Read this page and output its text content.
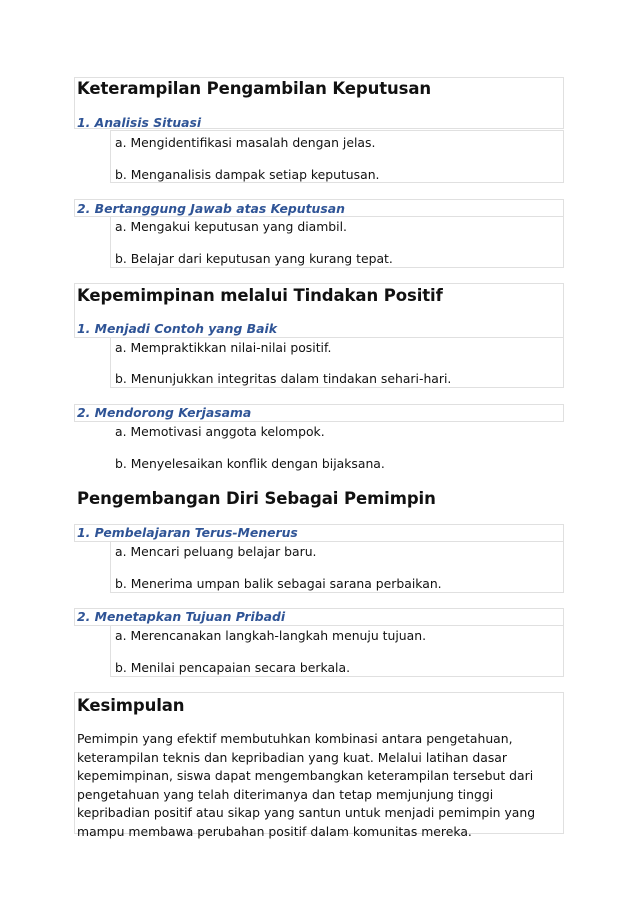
Keterampilan Pengambilan Keputusan
1. Analisis Situasi
a. Mengidentifikasi masalah dengan jelas.
b. Menganalisis dampak setiap keputusan.
2. Bertanggung Jawab atas Keputusan
a. Mengakui keputusan yang diambil.
b. Belajar dari keputusan yang kurang tepat.
Kepemimpinan melalui Tindakan Positif
1. Menjadi Contoh yang Baik
a. Mempraktikkan nilai-nilai positif.
b. Menunjukkan integritas dalam tindakan sehari-hari.
2. Mendorong Kerjasama
a. Memotivasi anggota kelompok.
b. Menyelesaikan konflik dengan bijaksana.
Pengembangan Diri Sebagai Pemimpin
1. Pembelajaran Terus-Menerus
a. Mencari peluang belajar baru.
b. Menerima umpan balik sebagai sarana perbaikan.
2. Menetapkan Tujuan Pribadi
a. Merencanakan langkah-langkah menuju tujuan.
b. Menilai pencapaian secara berkala.
Kesimpulan
Pemimpin yang efektif membutuhkan kombinasi antara pengetahuan, keterampilan teknis dan kepribadian yang kuat. Melalui latihan dasar kepemimpinan, siswa dapat mengembangkan keterampilan tersebut dari pengetahuan yang telah diterimanya dan tetap memjunjung tinggi kepribadian positif atau sikap yang santun untuk menjadi pemimpin yang mampu membawa perubahan positif dalam komunitas mereka.
